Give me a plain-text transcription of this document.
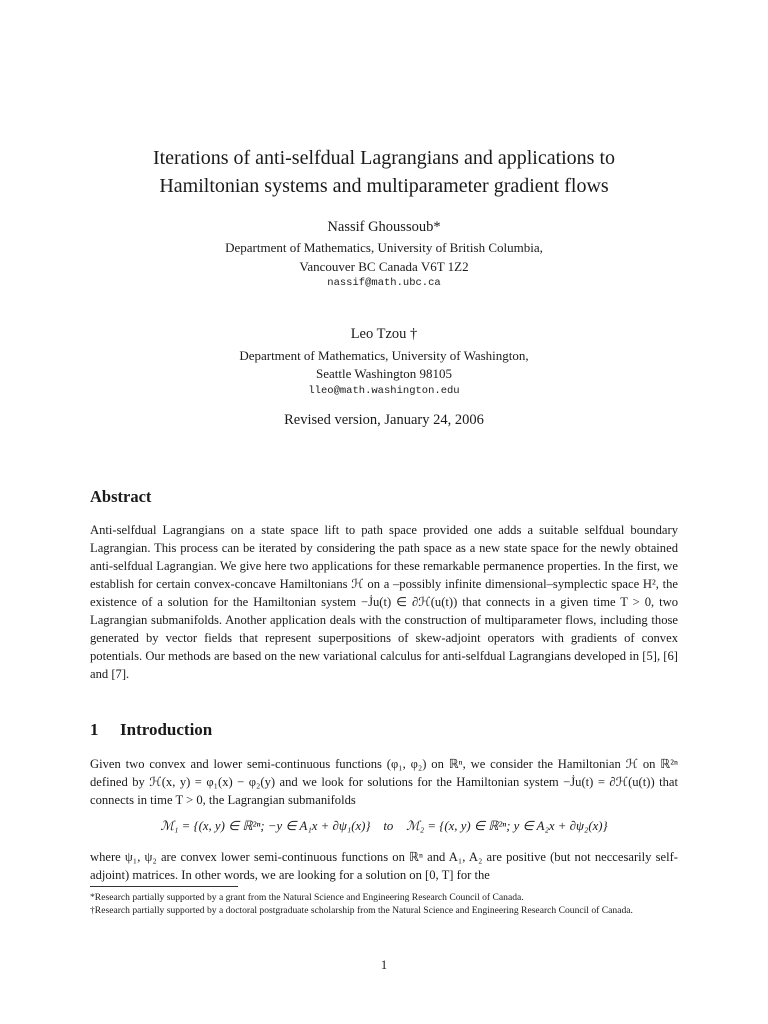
Iterations of anti-selfdual Lagrangians and applications to
Hamiltonian systems and multiparameter gradient flows
Nassif Ghoussoub*
Department of Mathematics, University of British Columbia,
Vancouver BC Canada V6T 1Z2
nassif@math.ubc.ca
Leo Tzou †
Department of Mathematics, University of Washington,
Seattle Washington 98105
lleo@math.washington.edu
Revised version, January 24, 2006
Abstract
Anti-selfdual Lagrangians on a state space lift to path space provided one adds a suitable selfdual boundary Lagrangian. This process can be iterated by considering the path space as a new state space for the newly obtained anti-selfdual Lagrangian. We give here two applications for these remarkable permanence properties. In the first, we establish for certain convex-concave Hamiltonians ℋ on a –possibly infinite dimensional–symplectic space H², the existence of a solution for the Hamiltonian system −J̇u(t) ∈ ∂ℋ(u(t)) that connects in a given time T > 0, two Lagrangian submanifolds. Another application deals with the construction of multiparameter flows, including those generated by vector fields that represent superpositions of skew-adjoint operators with gradients of convex potentials. Our methods are based on the new variational calculus for anti-selfdual Lagrangians developed in [5], [6] and [7].
1 Introduction
Given two convex and lower semi-continuous functions (φ₁, φ₂) on ℝⁿ, we consider the Hamiltonian ℋ on ℝ²ⁿ defined by ℋ(x, y) = φ₁(x) − φ₂(y) and we look for solutions for the Hamiltonian system −J̇u(t) = ∂ℋ(u(t)) that connects in time T > 0, the Lagrangian submanifolds
ℳ₁ = {(x, y) ∈ ℝ²ⁿ; −y ∈ A₁x + ∂ψ₁(x)}    to    ℳ₂ = {(x, y) ∈ ℝ²ⁿ; y ∈ A₂x + ∂ψ₂(x)}
where ψ₁, ψ₂ are convex lower semi-continuous functions on ℝⁿ and A₁, A₂ are positive (but not neccesarily self-adjoint) matrices. In other words, we are looking for a solution on [0, T] for the
*Research partially supported by a grant from the Natural Science and Engineering Research Council of Canada.
†Research partially supported by a doctoral postgraduate scholarship from the Natural Science and Engineering Research Council of Canada.
1
